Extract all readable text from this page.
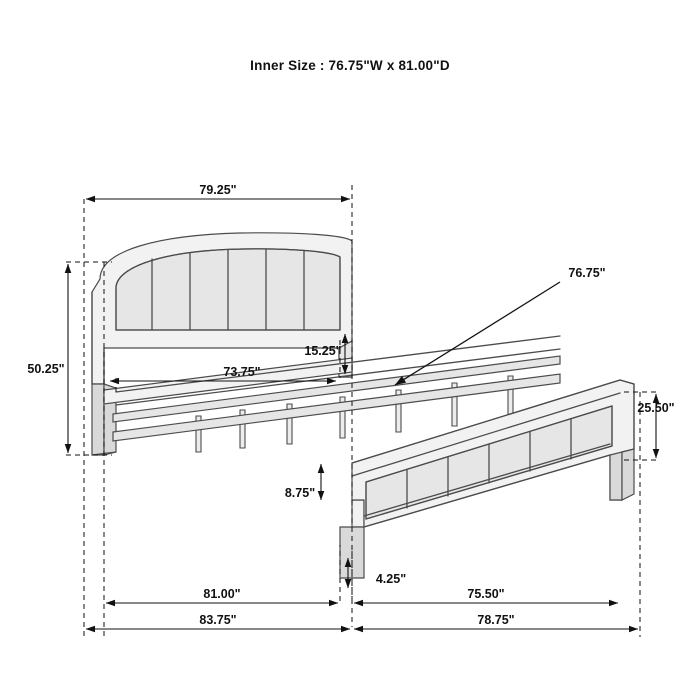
Inner Size : 76.75"W x 81.00"D
79.25"
50.25"	73.75"
15.25"
76.75"
25.50"
8.75"
4.25"
81.00"	75.50"
83.75"	78.75"
